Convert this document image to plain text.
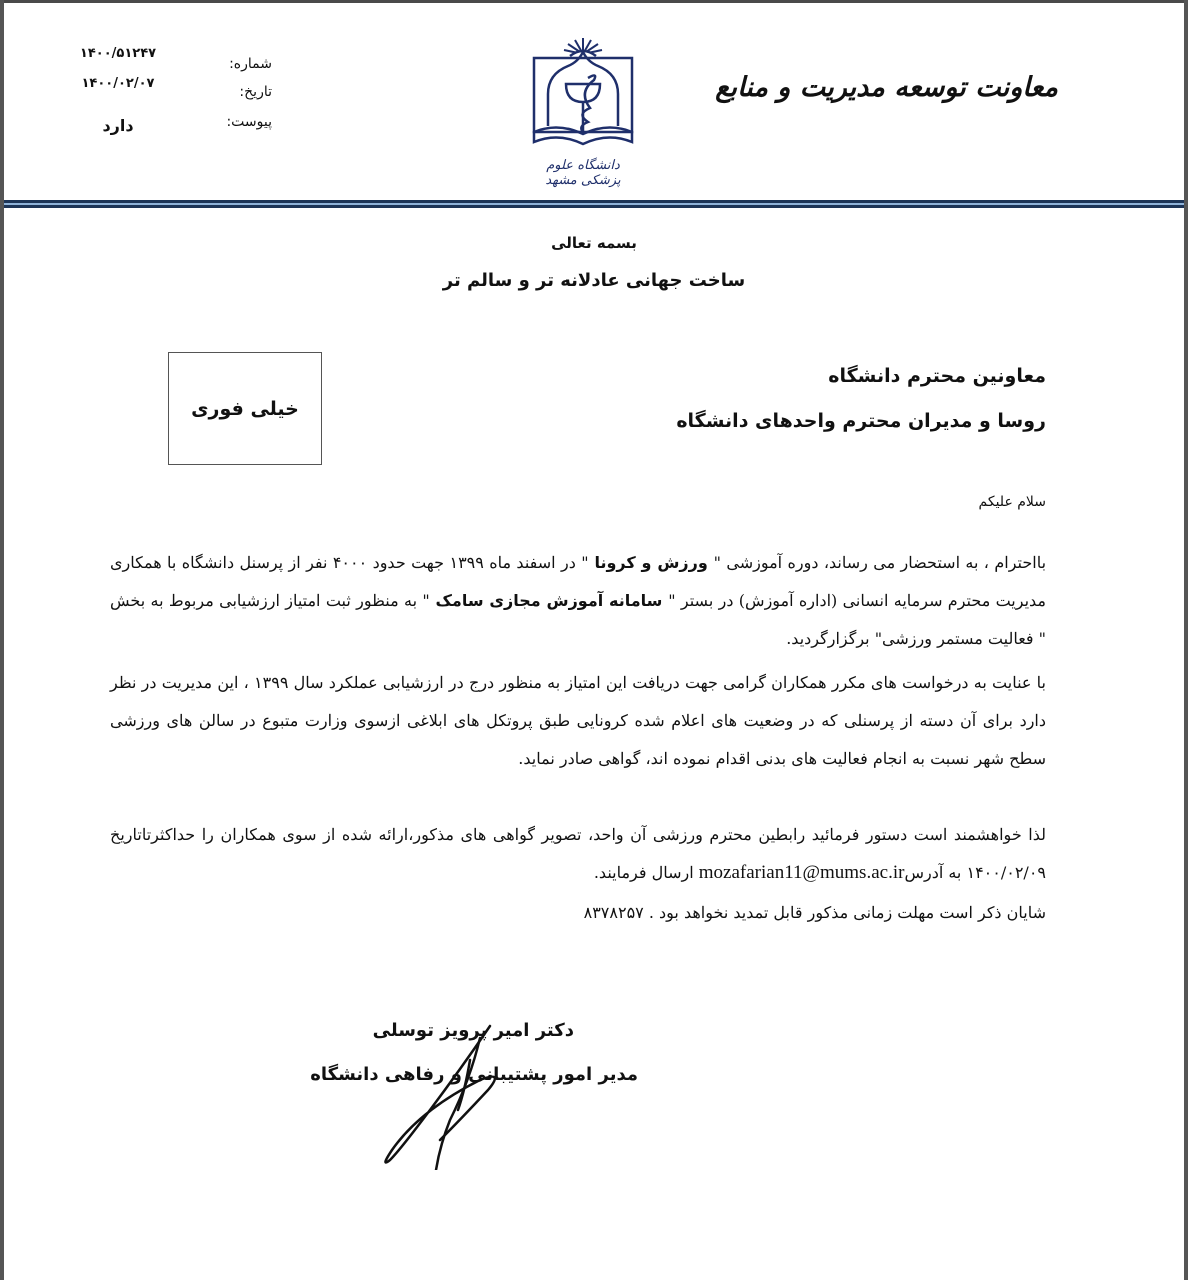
شماره:
۱۴۰۰/۵۱۲۴۷
تاریخ:
۱۴۰۰/۰۲/۰۷
پیوست:
دارد
دانشگاه علوم پزشکی مشهد
معاونت توسعه مدیریت و منابع
بسمه تعالی
ساخت جهانی عادلانه تر و سالم تر
خیلی فوری
معاونین محترم دانشگاه
روسا و مدیران محترم واحدهای دانشگاه
سلام علیکم
بااحترام ، به استحضار می رساند، دوره آموزشی " ورزش و کرونا " در اسفند ماه ۱۳۹۹ جهت حدود ۴۰۰۰ نفر از پرسنل دانشگاه با همکاری مدیریت محترم سرمایه انسانی (اداره آموزش) در بستر " سامانه آموزش مجازی سامک " به منظور ثبت امتیاز ارزشیابی مربوط به بخش " فعالیت مستمر ورزشی" برگزارگردید.
با عنایت به درخواست های مکرر همکاران گرامی جهت دریافت این امتیاز به منظور درج در ارزشیابی عملکرد سال ۱۳۹۹ ، این مدیریت در نظر دارد برای آن دسته از پرسنلی که در وضعیت های اعلام شده کرونایی طبق پروتکل های ابلاغی ازسوی وزارت متبوع در سالن های ورزشی سطح شهر نسبت به انجام فعالیت های بدنی اقدام نموده اند، گواهی صادر نماید.
لذا خواهشمند است دستور فرمائید رابطین محترم ورزشی آن واحد، تصویر گواهی های مذکور،ارائه شده از سوی همکاران را حداکثرتاتاریخ ۱۴۰۰/۰۲/۰۹ به آدرسmozafarian11@mums.ac.ir ارسال فرمایند.
شایان ذکر است مهلت زمانی مذکور قابل تمدید نخواهد بود . ۸۳۷۸۲۵۷
دکتر امیر پرویز توسلی
مدیر امور پشتیبانی و رفاهی دانشگاه
